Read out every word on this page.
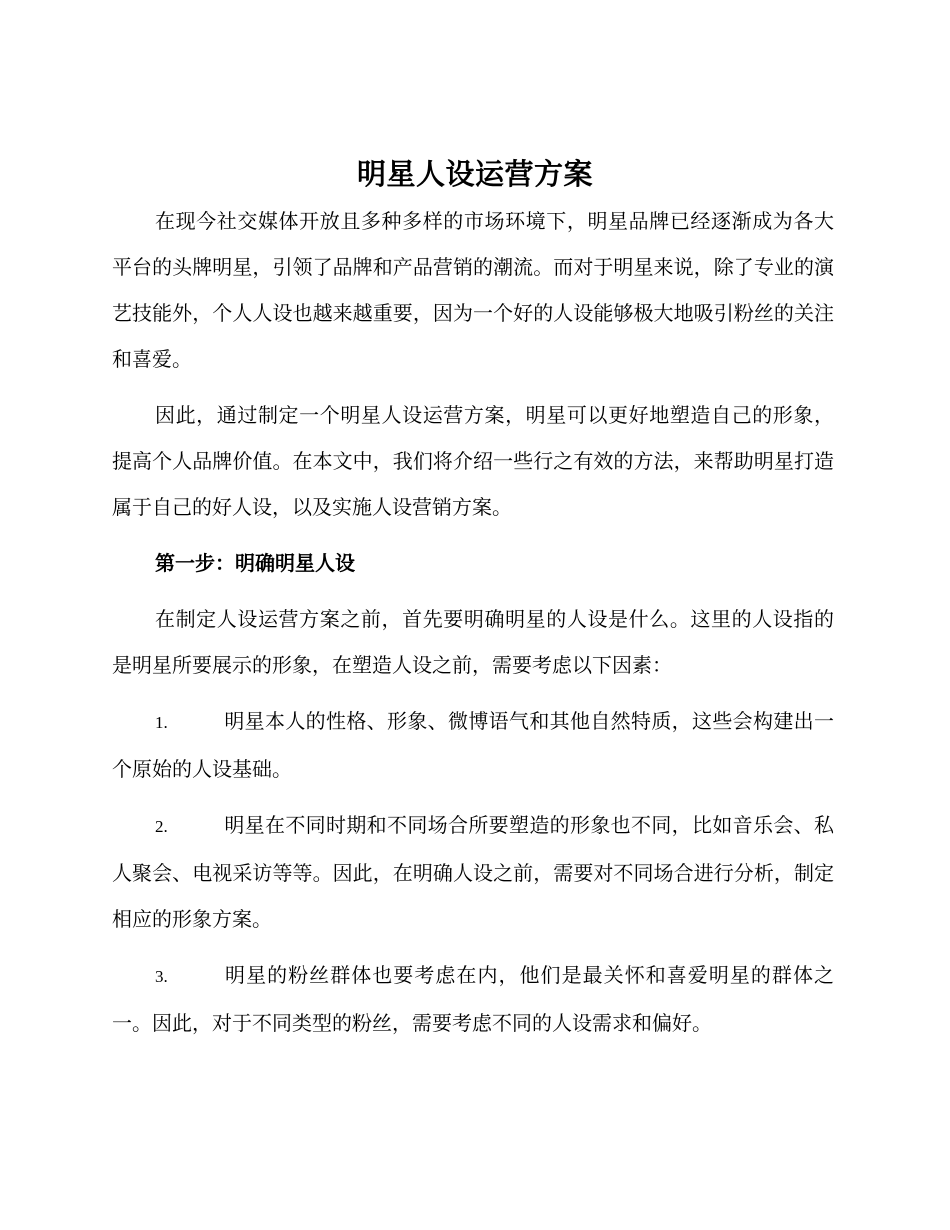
明星人设运营方案

在现今社交媒体开放且多种多样的市场环境下，明星品牌已经逐渐成为各大平台的头牌明星，引领了品牌和产品营销的潮流。而对于明星来说，除了专业的演艺技能外，个人人设也越来越重要，因为一个好的人设能够极大地吸引粉丝的关注和喜爱。

因此，通过制定一个明星人设运营方案，明星可以更好地塑造自己的形象，提高个人品牌价值。在本文中，我们将介绍一些行之有效的方法，来帮助明星打造属于自己的好人设，以及实施人设营销方案。

第一步：明确明星人设

在制定人设运营方案之前，首先要明确明星的人设是什么。这里的人设指的是明星所要展示的形象，在塑造人设之前，需要考虑以下因素：

1.	明星本人的性格、形象、微博语气和其他自然特质，这些会构建出一个原始的人设基础。
2.	明星在不同时期和不同场合所要塑造的形象也不同，比如音乐会、私人聚会、电视采访等等。因此，在明确人设之前，需要对不同场合进行分析，制定相应的形象方案。
3.	明星的粉丝群体也要考虑在内，他们是最关怀和喜爱明星的群体之一。因此，对于不同类型的粉丝，需要考虑不同的人设需求和偏好。
